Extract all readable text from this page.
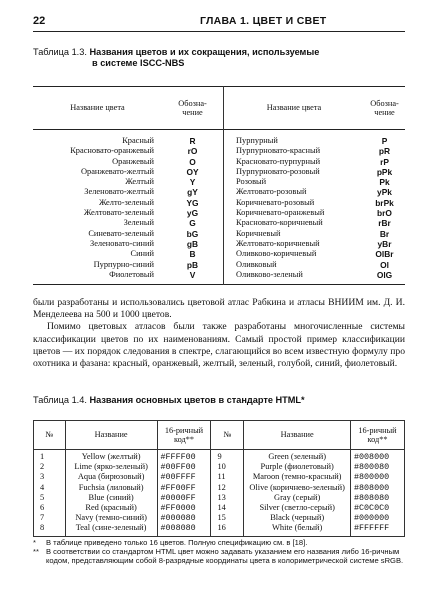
22	ГЛАВА 1. ЦВЕТ И СВЕТ
Таблица 1.3. Названия цветов и их сокращения, используемые
в системе ISCC-NBS
Название цвета	Обозна-
чение	Название цвета	Обозна-
чение
Красный	R	Пурпурный	P
Красновато-оранжевый	rO	Пурпурновато-красный	pR
Оранжевый	O	Красновато-пурпурный	rP
Оранжевато-желтый	OY	Пурпурновато-розовый	pPk
Желтый	Y	Розовый	Pk
Зеленовато-желтый	gY	Желтовато-розовый	yPk
Желто-зеленый	YG	Коричневато-розовый	brPk
Желтовато-зеленый	yG	Коричневато-оранжевый	brO
Зеленый	G	Красновато-коричневый	rBr
Синевато-зеленый	bG	Коричневый	Br
Зеленовато-синий	gB	Желтовато-коричневый	yBr
Синий	B	Оливково-коричневый	OlBr
Пурпурно-синий	pB	Оливковый	Ol
Фиолетовый	V	Оливково-зеленый	OlG

были разработаны и использовались цветовой атлас Рабкина и атласы ВНИИМ им. Д. И. Менделеева на 500 и 1000 цветов.

Помимо цветовых атласов были также разработаны многочисленные системы классификации цветов по их наименованиям. Самый простой пример классификации цветов — их порядок следования в спектре, слагающийся во всем известную формулу про охотника и фазана: красный, оранжевый, желтый, зеленый, голубой, синий, фиолетовый.

Таблица 1.4. Названия основных цветов в стандарте HTML*
№	Название	16-ричный
код**	№	Название	16-ричный
код**
1	Yellow (желтый)	#FFFF00	9	Green (зеленый)	#008000
2	Lime (ярко-зеленый)	#00FF00	10	Purple (фиолетовый)	#800080
3	Aqua (бирюзовый)	#00FFFF	11	Maroon (темно-красный)	#800000
4	Fuchsia (лиловый)	#FF00FF	12	Olive (коричнево-зеленый)	#808000
5	Blue (синий)	#0000FF	13	Gray (серый)	#808080
6	Red (красный)	#FF0000	14	Silver (светло-серый)	#C0C0C0
7	Navy (темно-синий)	#000080	15	Black (черный)	#000000
8	Teal (сине-зеленый)	#008080	16	White (белый)	#FFFFFF
* В таблице приведено только 16 цветов. Полную спецификацию см. в [18].
** В соответствии со стандартом HTML цвет можно задавать указанием его названия либо 16-ричным кодом, представляющим собой 8-разрядные координаты цвета в колориметрической системе sRGB.
